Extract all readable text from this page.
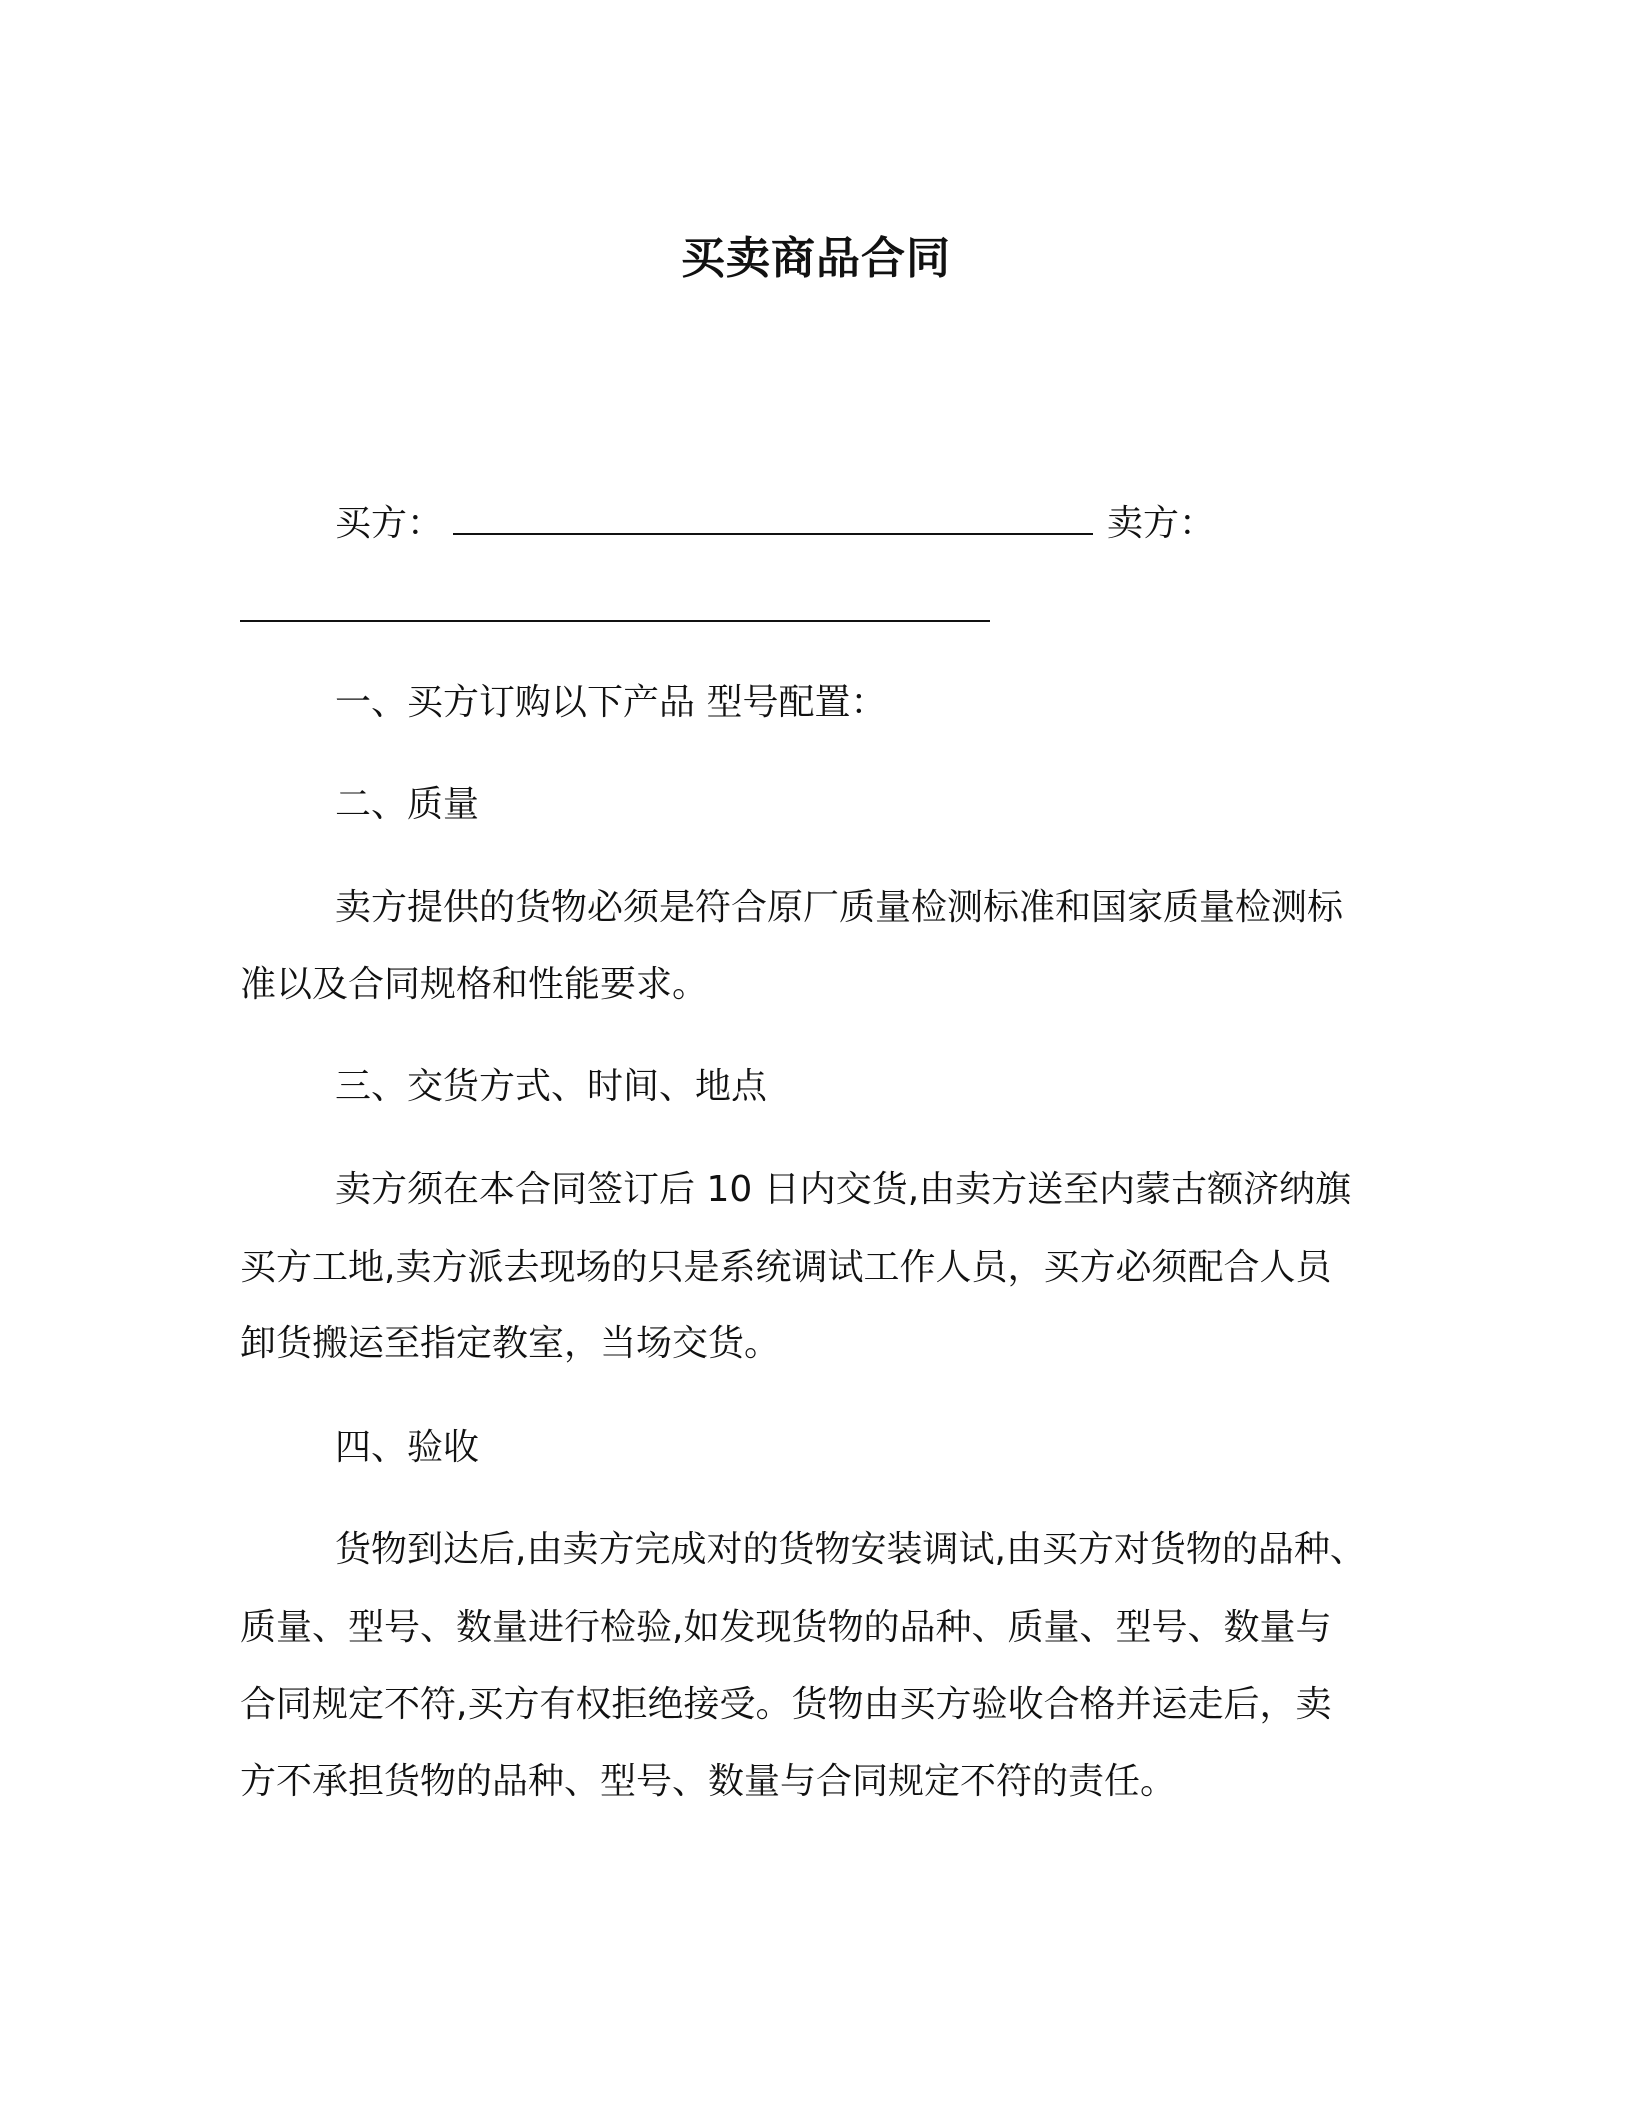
买卖商品合同
买方：	卖方：
一、买方订购以下产品 型号配置：
二、质量
卖方提供的货物必须是符合原厂质量检测标准和国家质量检测标
准以及合同规格和性能要求。
三、交货方式、时间、地点
卖方须在本合同签订后 10 日内交货,由卖方送至内蒙古额济纳旗
买方工地,卖方派去现场的只是系统调试工作人员，买方必须配合人员
卸货搬运至指定教室，当场交货。
四、验收
货物到达后,由卖方完成对的货物安装调试,由买方对货物的品种、
质量、型号、数量进行检验,如发现货物的品种、质量、型号、数量与
合同规定不符,买方有权拒绝接受。货物由买方验收合格并运走后，卖
方不承担货物的品种、型号、数量与合同规定不符的责任。
